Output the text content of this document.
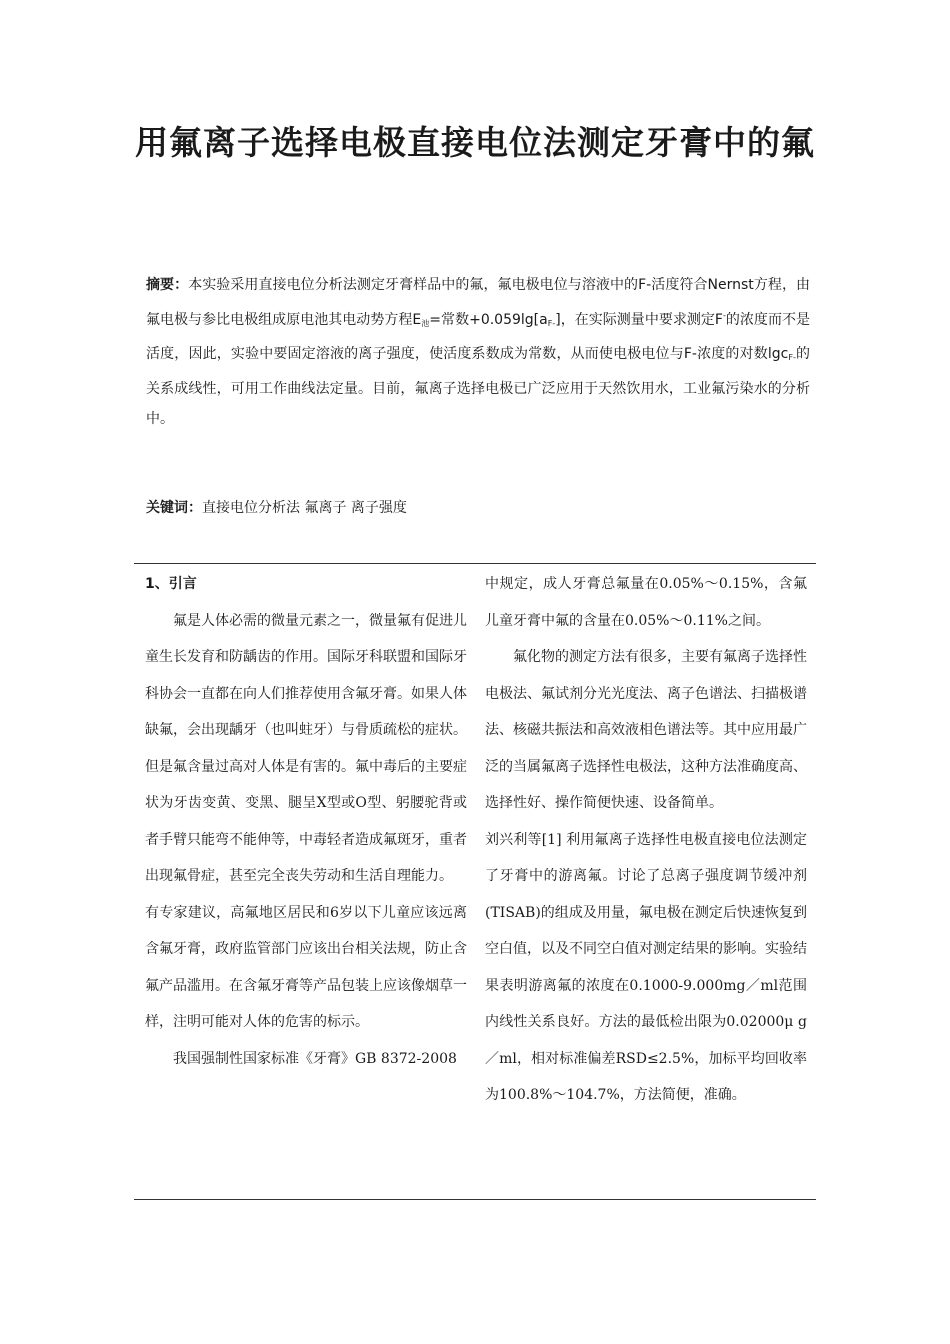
用氟离子选择电极直接电位法测定牙膏中的氟
摘要：本实验采用直接电位分析法测定牙膏样品中的氟，氟电极电位与溶液中的F-活度符合Nernst方程，由氟电极与参比电极组成原电池其电动势方程$E_池=$常数$+0.059\lg[a_{F-}]$，在实际测量中要求测定F-的浓度而不是活度，因此，实验中要固定溶液的离子强度，使活度系数成为常数，从而使电极电位与F-浓度的对数lgc$_{F-}$的关系成线性，可用工作曲线法定量。目前，氟离子选择电极已广泛应用于天然饮用水，工业氟污染水的分析中。
关键词：直接电位分析法 氟离子 离子强度

1、引言

氟是人体必需的微量元素之一，微量氟有促进儿童生长发育和防龋齿的作用。国际牙科联盟和国际牙科协会一直都在向人们推荐使用含氟牙膏。如果人体缺氟，会出现龋牙（也叫蛀牙）与骨质疏松的症状。但是氟含量过高对人体是有害的。氟中毒后的主要症状为牙齿变黄、变黑、腿呈X型或O型、躬腰驼背或者手臂只能弯不能伸等，中毒轻者造成氟斑牙，重者出现氟骨症，甚至完全丧失劳动和生活自理能力。

有专家建议，高氟地区居民和6岁以下儿童应该远离含氟牙膏，政府监管部门应该出台相关法规，防止含氟产品滥用。在含氟牙膏等产品包装上应该像烟草一样，注明可能对人体的危害的标示。

我国强制性国家标准《牙膏》GB 8372-2008

中规定，成人牙膏总氟量在0.05%～0.15%，含氟儿童牙膏中氟的含量在0.05%～0.11%之间。

氟化物的测定方法有很多，主要有氟离子选择性电极法、氟试剂分光光度法、离子色谱法、扫描极谱法、核磁共振法和高效液相色谱法等。其中应用最广泛的当属氟离子选择性电极法，这种方法准确度高、选择性好、操作简便快速、设备简单。

刘兴利等[1] 利用氟离子选择性电极直接电位法测定了牙膏中的游离氟。讨论了总离子强度调节缓冲剂(TISAB)的组成及用量，氟电极在测定后快速恢复到空白值，以及不同空白值对测定结果的影响。实验结果表明游离氟的浓度在0.1000-9.000mg／ml范围内线性关系良好。方法的最低检出限为0.02000μ g／ml，相对标准偏差RSD≤2.5%，加标平均回收率为100.8%～104.7%，方法简便，准确。
